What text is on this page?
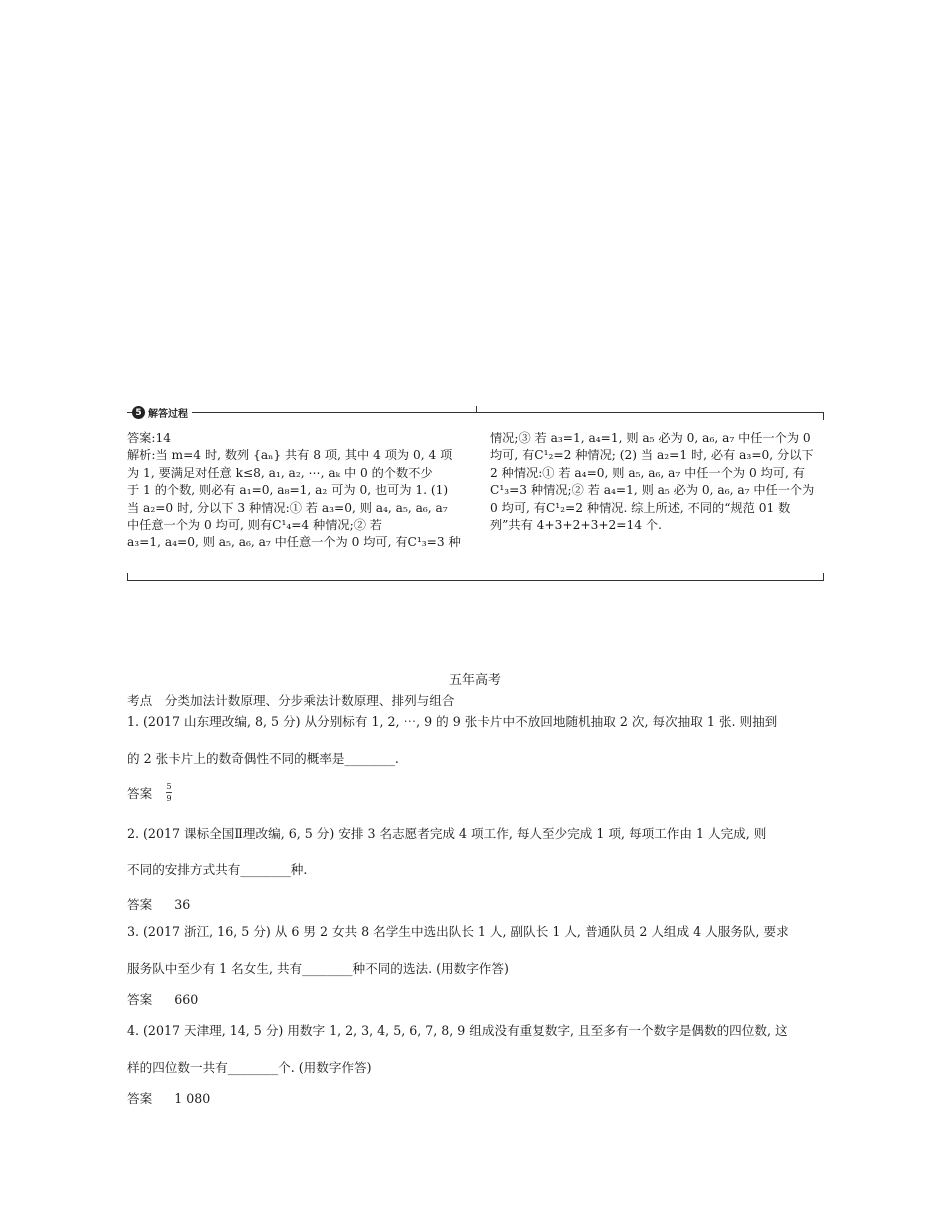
5 解答过程
答案:14
解析:当 m=4 时, 数列 {aₙ} 共有 8 项, 其中 4 项为 0, 4 项
为 1, 要满足对任意 k≤8, a₁, a₂, ⋯, aₖ 中 0 的个数不少
于 1 的个数, 则必有 a₁=0, a₈=1, a₂ 可为 0, 也可为 1. (1)
当 a₂=0 时, 分以下 3 种情况:① 若 a₃=0, 则 a₄, a₅, a₆, a₇
中任意一个为 0 均可, 则有C¹₄=4 种情况;② 若
a₃=1, a₄=0, 则 a₅, a₆, a₇ 中任意一个为 0 均可, 有C¹₃=3 种
情况;③ 若 a₃=1, a₄=1, 则 a₅ 必为 0, a₆, a₇ 中任一个为 0
均可, 有C¹₂=2 种情况; (2) 当 a₂=1 时, 必有 a₃=0, 分以下
2 种情况:① 若 a₄=0, 则 a₅, a₆, a₇ 中任一个为 0 均可, 有
C¹₃=3 种情况;② 若 a₄=1, 则 a₅ 必为 0, a₆, a₇ 中任一个为
0 均可, 有C¹₂=2 种情况. 综上所述, 不同的“规范 01 数
列”共有 4+3+2+3+2=14 个.
五年高考
考点　分类加法计数原理、分步乘法计数原理、排列与组合
1. (2017 山东理改编, 8, 5 分) 从分别标有 1, 2, ⋯, 9 的 9 张卡片中不放回地随机抽取 2 次, 每次抽取 1 张. 则抽到
的 2 张卡片上的数奇偶性不同的概率是________.
答案 5
9
2. (2017 课标全国Ⅱ理改编, 6, 5 分) 安排 3 名志愿者完成 4 项工作, 每人至少完成 1 项, 每项工作由 1 人完成, 则
不同的安排方式共有________种.
答案 36
3. (2017 浙江, 16, 5 分) 从 6 男 2 女共 8 名学生中选出队长 1 人, 副队长 1 人, 普通队员 2 人组成 4 人服务队, 要求
服务队中至少有 1 名女生, 共有________种不同的选法. (用数字作答)
答案 660
4. (2017 天津理, 14, 5 分) 用数字 1, 2, 3, 4, 5, 6, 7, 8, 9 组成没有重复数字, 且至多有一个数字是偶数的四位数, 这
样的四位数一共有________个. (用数字作答)
答案 1 080
